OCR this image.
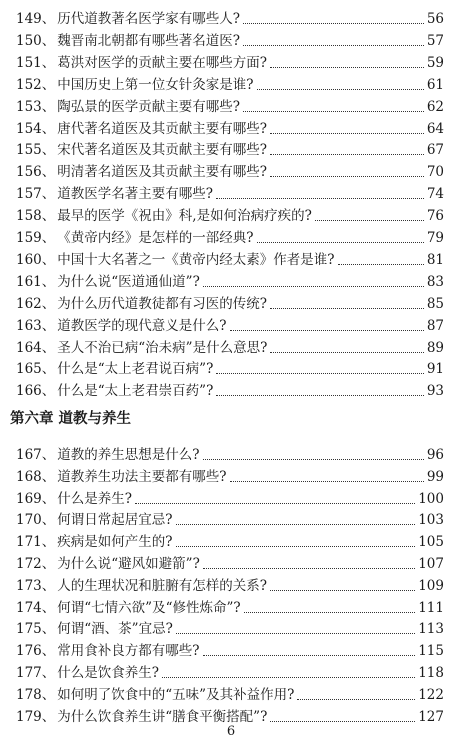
149、 历代道教著名医学家有哪些人?	56
150、 魏晋南北朝都有哪些著名道医?	57
151、 葛洪对医学的贡献主要在哪些方面?	59
152、 中国历史上第一位女针灸家是谁?	61
153、 陶弘景的医学贡献主要有哪些?	62
154、 唐代著名道医及其贡献主要有哪些?	64
155、 宋代著名道医及其贡献主要有哪些?	67
156、 明清著名道医及其贡献主要有哪些?	70
157、 道教医学名著主要有哪些?	74
158、 最早的医学《祝由》科,是如何治病疗疾的?	76
159、 《黄帝内经》是怎样的一部经典?	79
160、 中国十大名著之一《黄帝内经太素》作者是谁?	81
161、 为什么说“医道通仙道”?	83
162、 为什么历代道教徒都有习医的传统?	85
163、 道教医学的现代意义是什么?	87
164、 圣人不治已病“治未病”是什么意思?	89
165、 什么是“太上老君说百病”?	91
166、 什么是“太上老君崇百药”?	93
第六章 道教与养生
167、 道教的养生思想是什么?	96
168、 道教养生功法主要都有哪些?	99
169、 什么是养生?	100
170、 何谓日常起居宜忌?	103
171、 疾病是如何产生的?	105
172、 为什么说“避风如避箭”?	107
173、 人的生理状况和脏腑有怎样的关系?	109
174、 何谓“七情六欲”及“修性炼命”?	111
175、 何谓“酒、茶”宜忌?	113
176、 常用食补良方都有哪些?	115
177、 什么是饮食养生?	118
178、 如何明了饮食中的“五味”及其补益作用?	122
179、 为什么饮食养生讲“膳食平衡搭配”?	127
6
